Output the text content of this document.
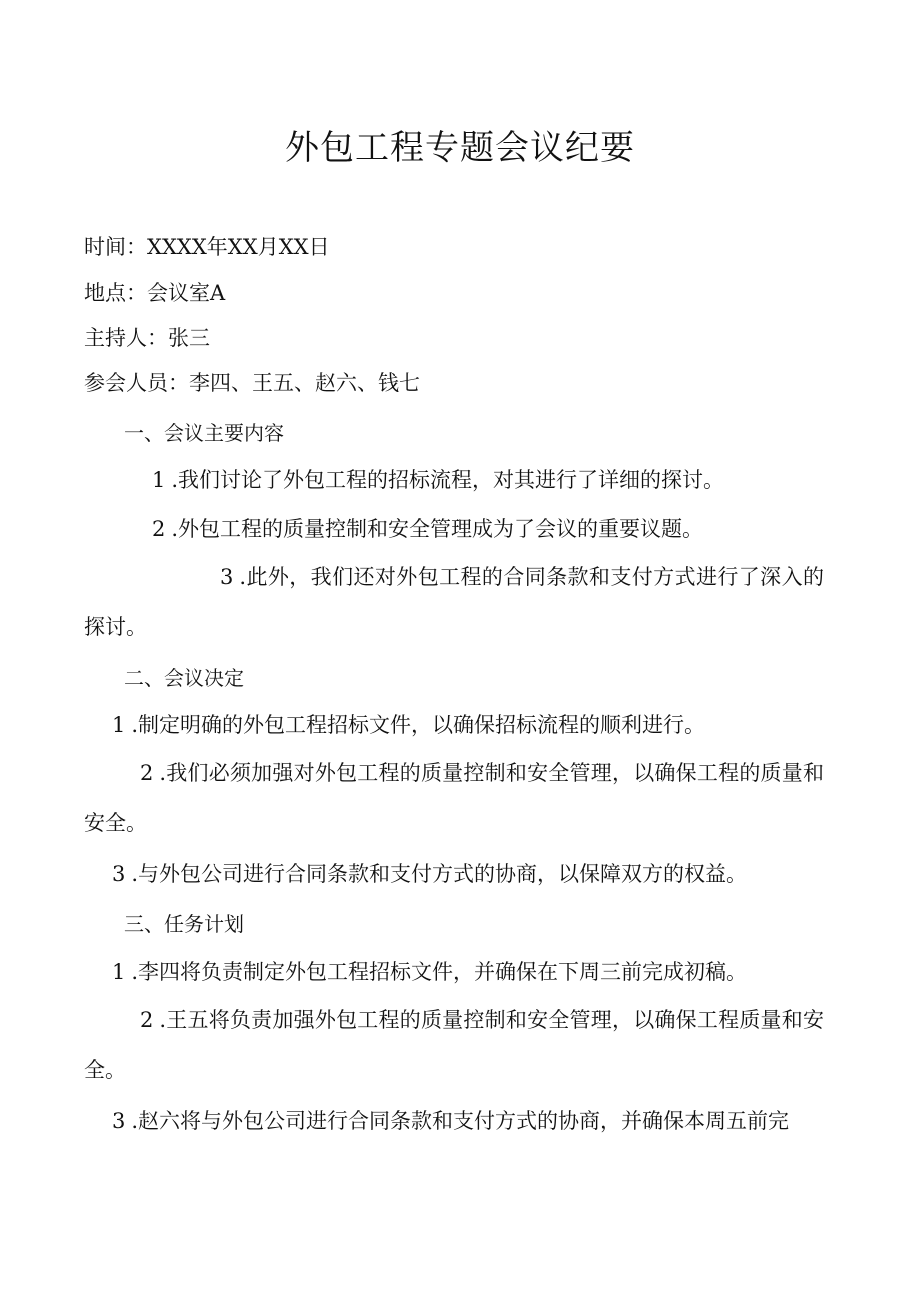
外包工程专题会议纪要
时间：XXXX年XX月XX日
地点：会议室A
主持人：张三
参会人员：李四、王五、赵六、钱七
一、会议主要内容
1 .我们讨论了外包工程的招标流程，对其进行了详细的探讨。
2 .外包工程的质量控制和安全管理成为了会议的重要议题。
3 .此外，我们还对外包工程的合同条款和支付方式进行了深入的探讨。
二、会议决定
1 .制定明确的外包工程招标文件，以确保招标流程的顺利进行。
2 .我们必须加强对外包工程的质量控制和安全管理，以确保工程的质量和安全。
3 .与外包公司进行合同条款和支付方式的协商，以保障双方的权益。
三、任务计划
1 .李四将负责制定外包工程招标文件，并确保在下周三前完成初稿。
2 .王五将负责加强外包工程的质量控制和安全管理，以确保工程质量和安全。
3 .赵六将与外包公司进行合同条款和支付方式的协商，并确保本周五前完
